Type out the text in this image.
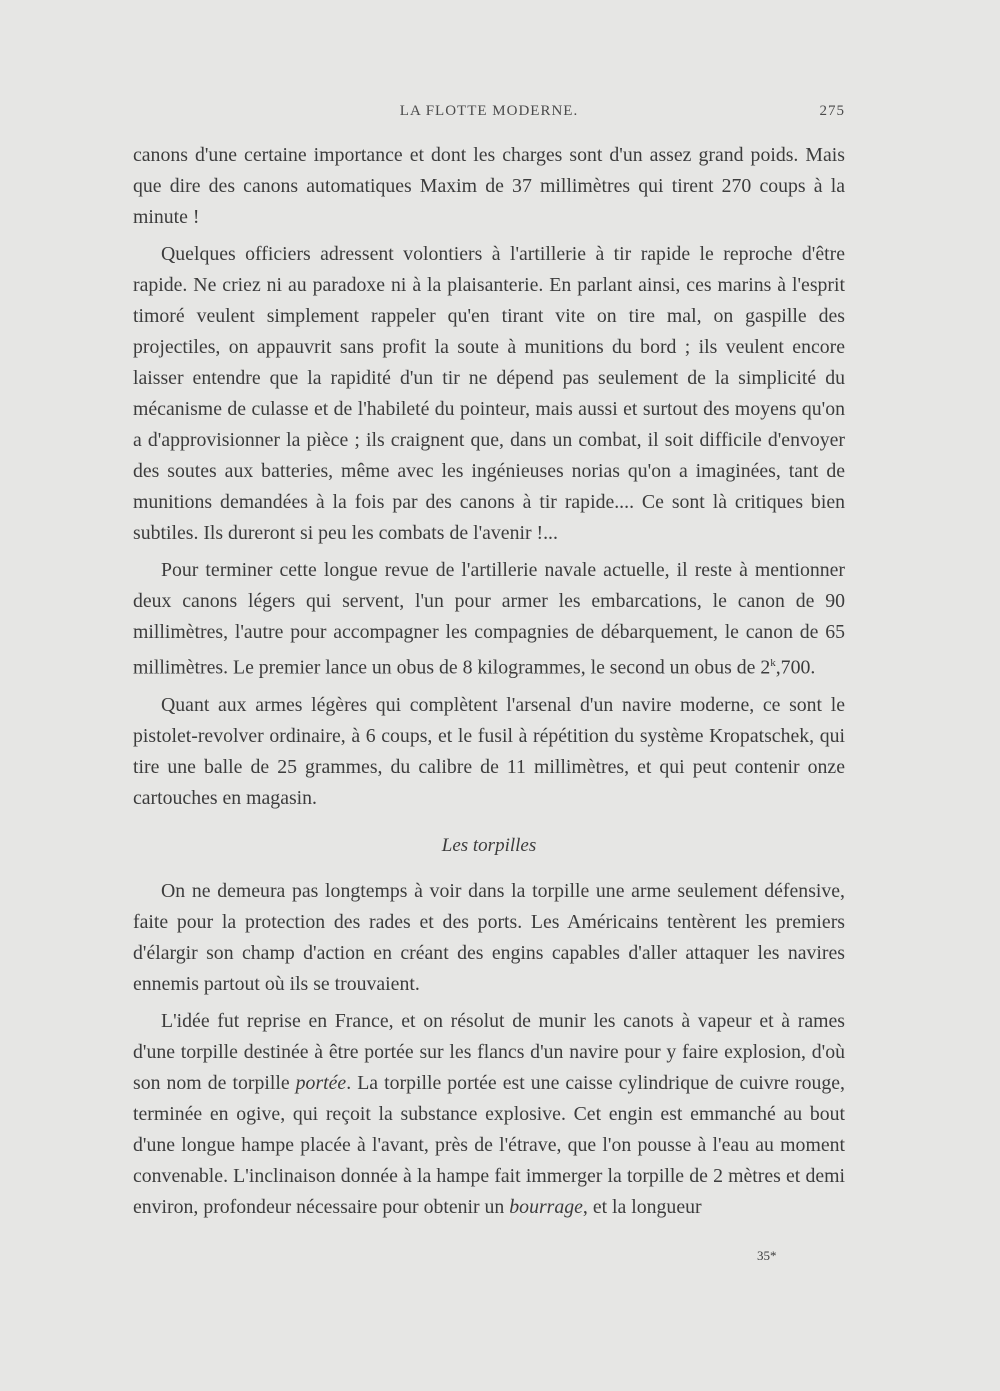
LA FLOTTE MODERNE.	275

canons d'une certaine importance et dont les charges sont d'un assez grand poids. Mais que dire des canons automatiques Maxim de 37 millimètres qui tirent 270 coups à la minute !

Quelques officiers adressent volontiers à l'artillerie à tir rapide le reproche d'être rapide. Ne criez ni au paradoxe ni à la plaisanterie. En parlant ainsi, ces marins à l'esprit timoré veulent simplement rappeler qu'en tirant vite on tire mal, on gaspille des projectiles, on appauvrit sans profit la soute à munitions du bord ; ils veulent encore laisser entendre que la rapidité d'un tir ne dépend pas seulement de la simplicité du mécanisme de culasse et de l'habileté du pointeur, mais aussi et surtout des moyens qu'on a d'approvisionner la pièce ; ils craignent que, dans un combat, il soit difficile d'envoyer des soutes aux batteries, même avec les ingénieuses norias qu'on a imaginées, tant de munitions demandées à la fois par des canons à tir rapide.... Ce sont là critiques bien subtiles. Ils dureront si peu les combats de l'avenir !...

Pour terminer cette longue revue de l'artillerie navale actuelle, il reste à mentionner deux canons légers qui servent, l'un pour armer les embarcations, le canon de 90 millimètres, l'autre pour accompagner les compagnies de débarquement, le canon de 65 millimètres. Le premier lance un obus de 8 kilogrammes, le second un obus de 2$^k$,700.

Quant aux armes légères qui complètent l'arsenal d'un navire moderne, ce sont le pistolet-revolver ordinaire, à 6 coups, et le fusil à répétition du système Kropatschek, qui tire une balle de 25 grammes, du calibre de 11 millimètres, et qui peut contenir onze cartouches en magasin.

Les torpilles

On ne demeura pas longtemps à voir dans la torpille une arme seulement défensive, faite pour la protection des rades et des ports. Les Américains tentèrent les premiers d'élargir son champ d'action en créant des engins capables d'aller attaquer les navires ennemis partout où ils se trouvaient.

L'idée fut reprise en France, et on résolut de munir les canots à vapeur et à rames d'une torpille destinée à être portée sur les flancs d'un navire pour y faire explosion, d'où son nom de torpille portée. La torpille portée est une caisse cylindrique de cuivre rouge, terminée en ogive, qui reçoit la substance explosive. Cet engin est emmanché au bout d'une longue hampe placée à l'avant, près de l'étrave, que l'on pousse à l'eau au moment convenable. L'inclinaison donnée à la hampe fait immerger la torpille de 2 mètres et demi environ, profondeur nécessaire pour obtenir un bourrage, et la longueur

35*
